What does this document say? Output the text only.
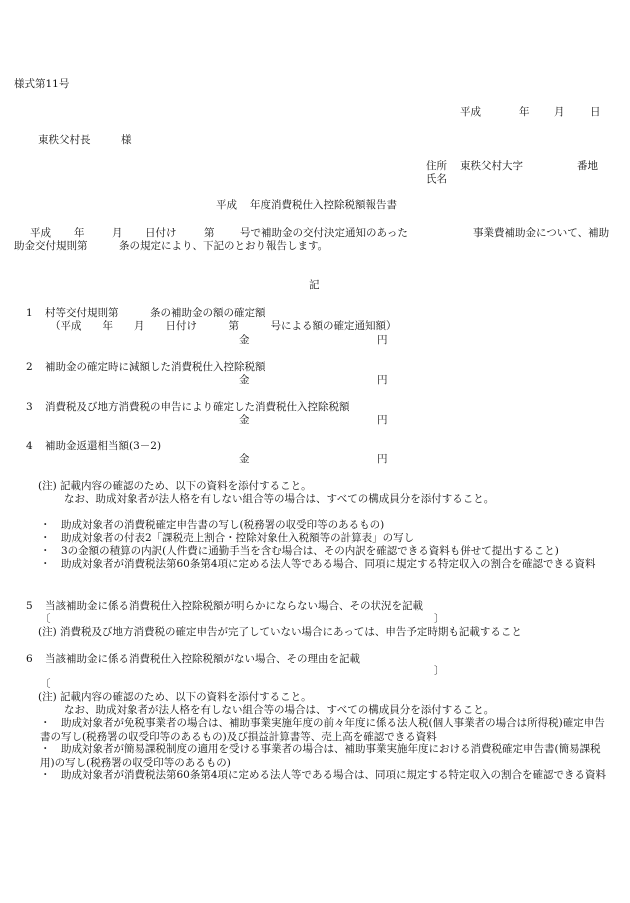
様式第11号
平成	年 月 日
東秩父村長	様
住所 東秩父村大字	番地
氏名
平成 年度消費税仕入控除税額報告書
平成 年	月 日付け	第 号で補助金の交付決定通知のあった	事業費補助金について、補助
助金交付規則第　　　条の規定により、下記のとおり報告します。
記
1 村等交付規則第　　　条の補助金の額の確定額
（平成　　年　　月　　日付け　　　第　　　号による額の確定通知額）
金	円
2 補助金の確定時に減額した消費税仕入控除税額
金	円
3 消費税及び地方消費税の申告により確定した消費税仕入控除税額
金	円
4 補助金返還相当額(3－2)
金	円
(注) 記載内容の確認のため、以下の資料を添付すること。
なお、助成対象者が法人格を有しない組合等の場合は、すべての構成員分を添付すること。
・　助成対象者の消費税確定申告書の写し(税務署の収受印等のあるもの)
・　助成対象者の付表2「課税売上割合・控除対象仕入税額等の計算表」の写し
・　3の金額の積算の内訳(人件費に通勤手当を含む場合は、その内訳を確認できる資料も併せて提出すること)
・　助成対象者が消費税法第60条第4項に定める法人等である場合、同項に規定する特定収入の割合を確認できる資料
5 当該補助金に係る消費税仕入控除税額が明らかにならない場合、その状況を記載
〔	〕
(注) 消費税及び地方消費税の確定申告が完了していない場合にあっては、申告予定時期も記載すること
6 当該補助金に係る消費税仕入控除税額がない場合、その理由を記載
〕
〔
(注) 記載内容の確認のため、以下の資料を添付すること。
なお、助成対象者が法人格を有しない組合等の場合は、すべての構成員分を添付すること。
・　助成対象者が免税事業者の場合は、補助事業実施年度の前々年度に係る法人税(個人事業者の場合は所得税)確定申告書の写し(税務署の収受印等のあるもの)及び損益計算書等、売上高を確認できる資料
・　助成対象者が簡易課税制度の適用を受ける事業者の場合は、補助事業実施年度における消費税確定申告書(簡易課税用)の写し(税務署の収受印等のあるもの)
・　助成対象者が消費税法第60条第4項に定める法人等である場合は、同項に規定する特定収入の割合を確認できる資料
